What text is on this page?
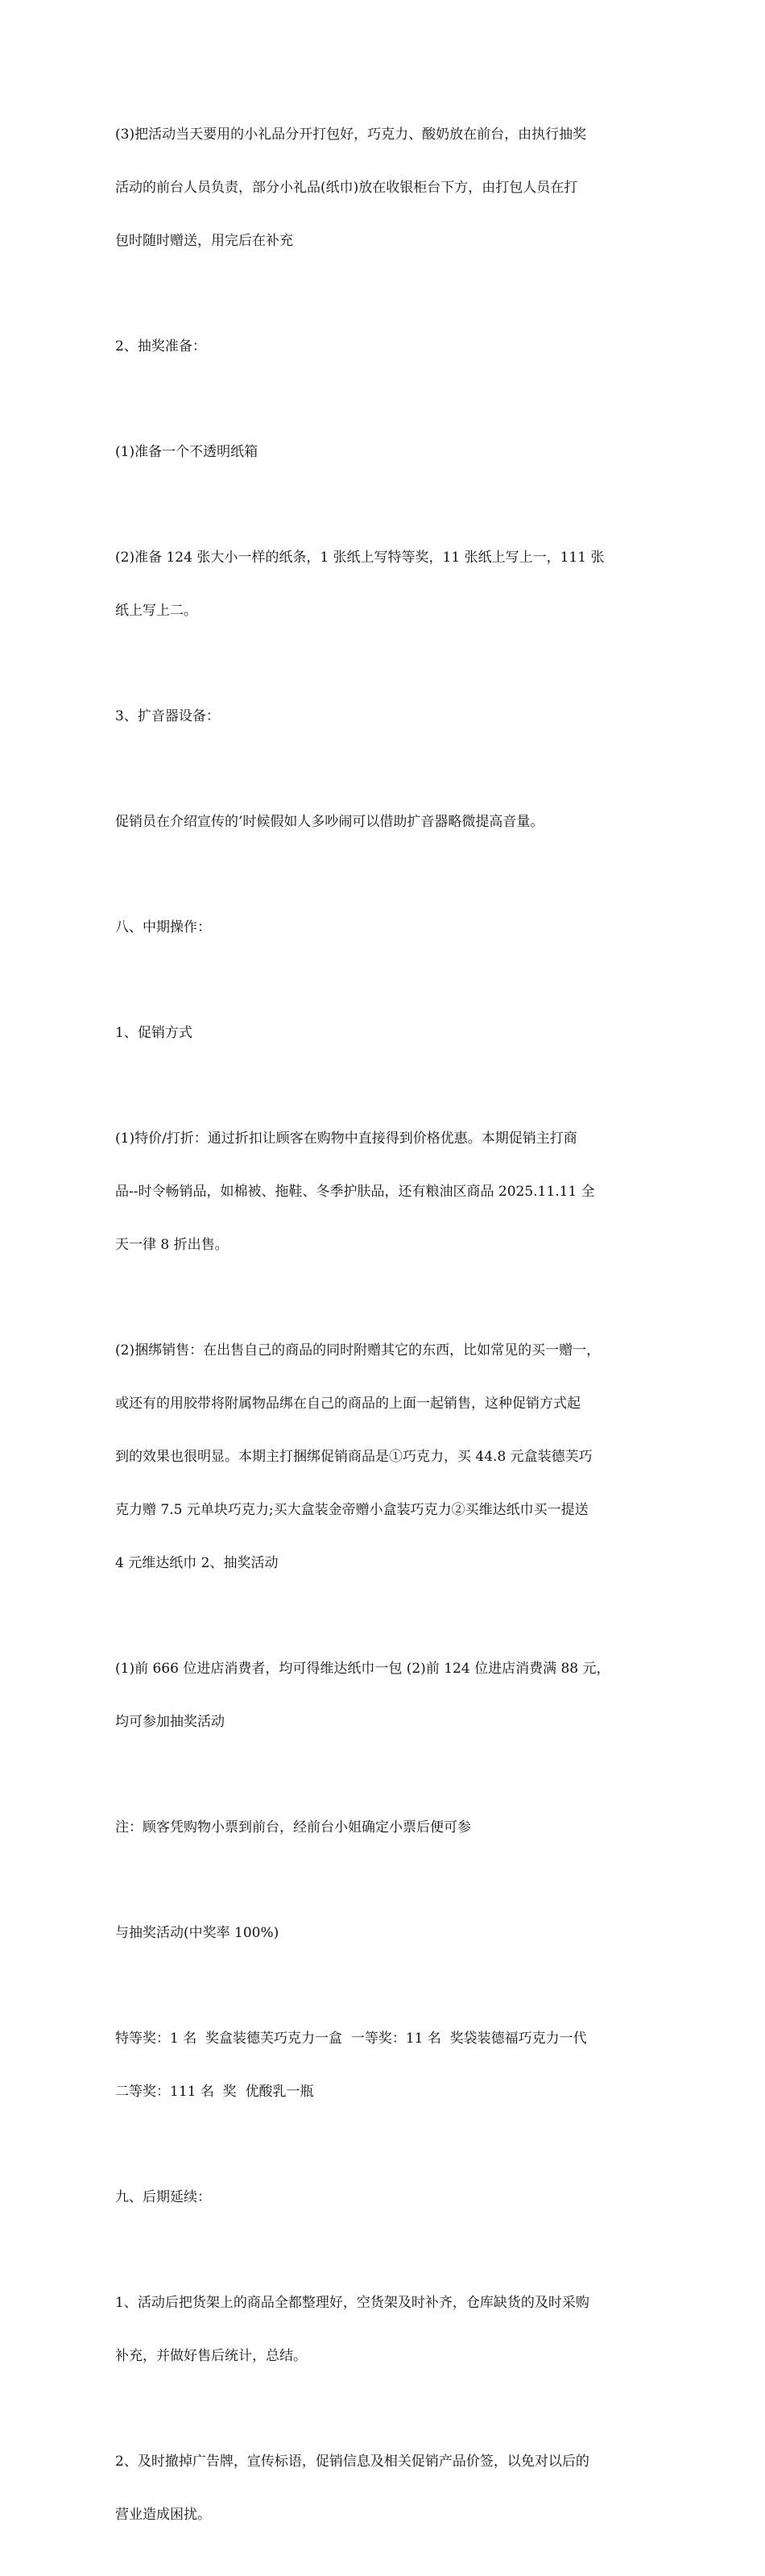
(3)把活动当天要用的小礼品分开打包好，巧克力、酸奶放在前台，由执行抽奖

活动的前台人员负责，部分小礼品(纸巾)放在收银柜台下方，由打包人员在打

包时随时赠送，用完后在补充

2、抽奖准备：

(1)准备一个不透明纸箱

(2)准备 124 张大小一样的纸条，1 张纸上写特等奖，11 张纸上写上一，111 张

纸上写上二。

3、扩音器设备：

促销员在介绍宣传的’时候假如人多吵闹可以借助扩音器略微提高音量。

八、中期操作：

1、促销方式

(1)特价/打折：通过折扣让顾客在购物中直接得到价格优惠。本期促销主打商

品--时令畅销品，如棉被、拖鞋、冬季护肤品，还有粮油区商品 2025.11.11 全

天一律 8 折出售。

(2)捆绑销售：在出售自己的商品的同时附赠其它的东西，比如常见的买一赠一，

或还有的用胶带将附属物品绑在自己的商品的上面一起销售，这种促销方式起

到的效果也很明显。本期主打捆绑促销商品是①巧克力，买 44.8 元盒装德芙巧

克力赠 7.5 元单块巧克力;买大盒装金帝赠小盒装巧克力②买维达纸巾买一提送

4 元维达纸巾 2、抽奖活动

(1)前 666 位进店消费者，均可得维达纸巾一包 (2)前 124 位进店消费满 88 元，

均可参加抽奖活动

注：顾客凭购物小票到前台，经前台小姐确定小票后便可参

与抽奖活动(中奖率 100%)

特等奖：1 名  奖盒装德芙巧克力一盒  一等奖：11 名  奖袋装德福巧克力一代

二等奖：111 名  奖  优酸乳一瓶

九、后期延续：

1、活动后把货架上的商品全都整理好，空货架及时补齐，仓库缺货的及时采购

补充，并做好售后统计，总结。

2、及时撤掉广告牌，宣传标语，促销信息及相关促销产品价签，以免对以后的

营业造成困扰。
